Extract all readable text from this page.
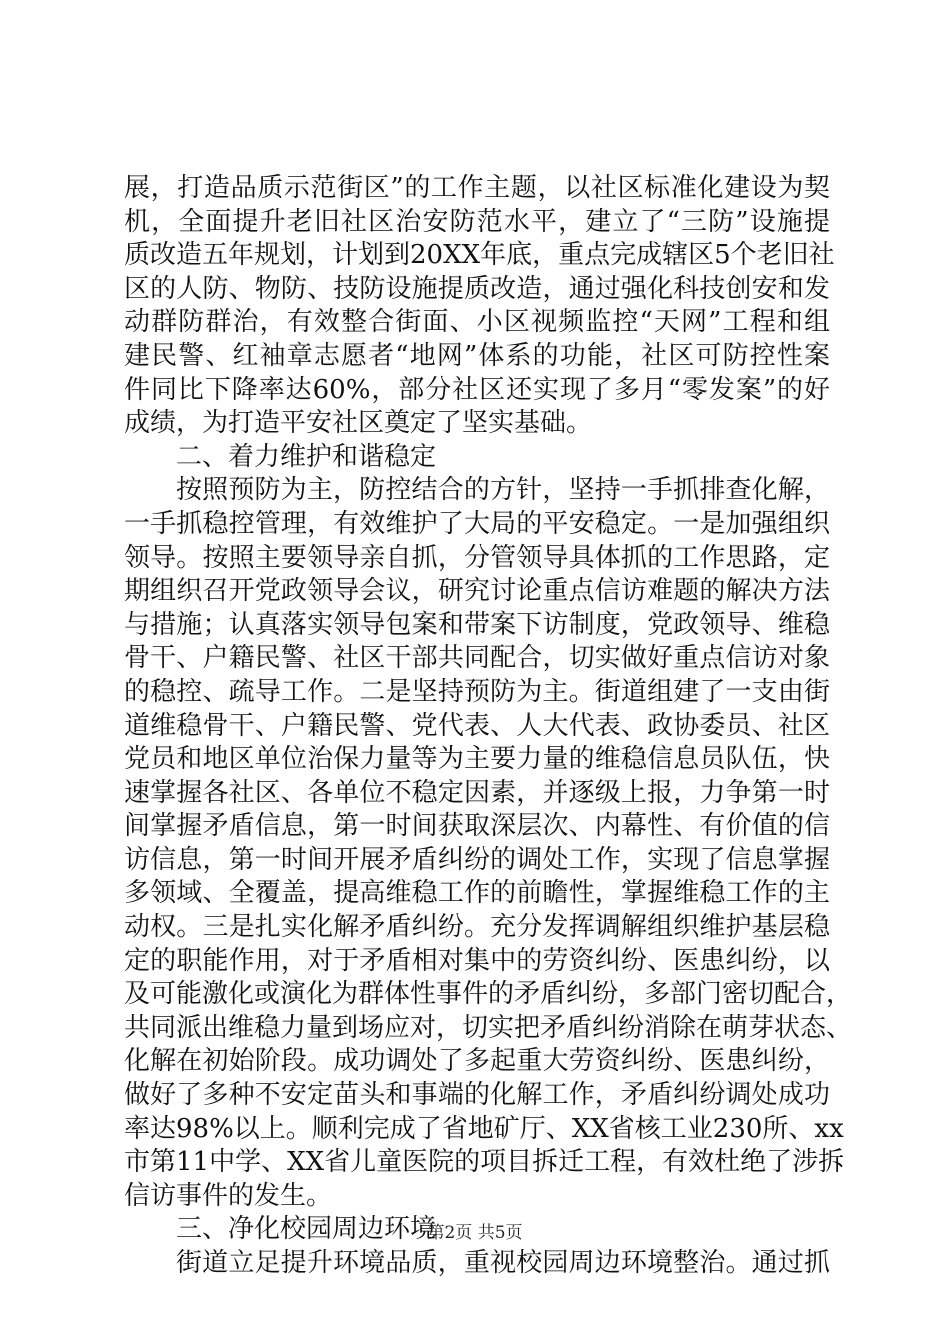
展，打造品质示范街区”的工作主题，以社区标准化建设为契
机，全面提升老旧社区治安防范水平，建立了“三防”设施提
质改造五年规划，计划到20XX年底，重点完成辖区5个老旧社
区的人防、物防、技防设施提质改造，通过强化科技创安和发
动群防群治，有效整合街面、小区视频监控“天网”工程和组
建民警、红袖章志愿者“地网”体系的功能，社区可防控性案
件同比下降率达60%，部分社区还实现了多月“零发案”的好
成绩，为打造平安社区奠定了坚实基础。
二、着力维护和谐稳定
按照预防为主，防控结合的方针，坚持一手抓排查化解，
一手抓稳控管理，有效维护了大局的平安稳定。一是加强组织
领导。按照主要领导亲自抓，分管领导具体抓的工作思路，定
期组织召开党政领导会议，研究讨论重点信访难题的解决方法
与措施；认真落实领导包案和带案下访制度，党政领导、维稳
骨干、户籍民警、社区干部共同配合，切实做好重点信访对象
的稳控、疏导工作。二是坚持预防为主。街道组建了一支由街
道维稳骨干、户籍民警、党代表、人大代表、政协委员、社区
党员和地区单位治保力量等为主要力量的维稳信息员队伍，快
速掌握各社区、各单位不稳定因素，并逐级上报，力争第一时
间掌握矛盾信息，第一时间获取深层次、内幕性、有价值的信
访信息，第一时间开展矛盾纠纷的调处工作，实现了信息掌握
多领域、全覆盖，提高维稳工作的前瞻性，掌握维稳工作的主
动权。三是扎实化解矛盾纠纷。充分发挥调解组织维护基层稳
定的职能作用，对于矛盾相对集中的劳资纠纷、医患纠纷，以
及可能激化或演化为群体性事件的矛盾纠纷，多部门密切配合，
共同派出维稳力量到场应对，切实把矛盾纠纷消除在萌芽状态、
化解在初始阶段。成功调处了多起重大劳资纠纷、医患纠纷，
做好了多种不安定苗头和事端的化解工作，矛盾纠纷调处成功
率达98%以上。顺利完成了省地矿厅、XX省核工业230所、xx
市第11中学、XX省儿童医院的项目拆迁工程，有效杜绝了涉拆
信访事件的发生。
三、净化校园周边环境
街道立足提升环境品质，重视校园周边环境整治。通过抓
第2页 共5页
